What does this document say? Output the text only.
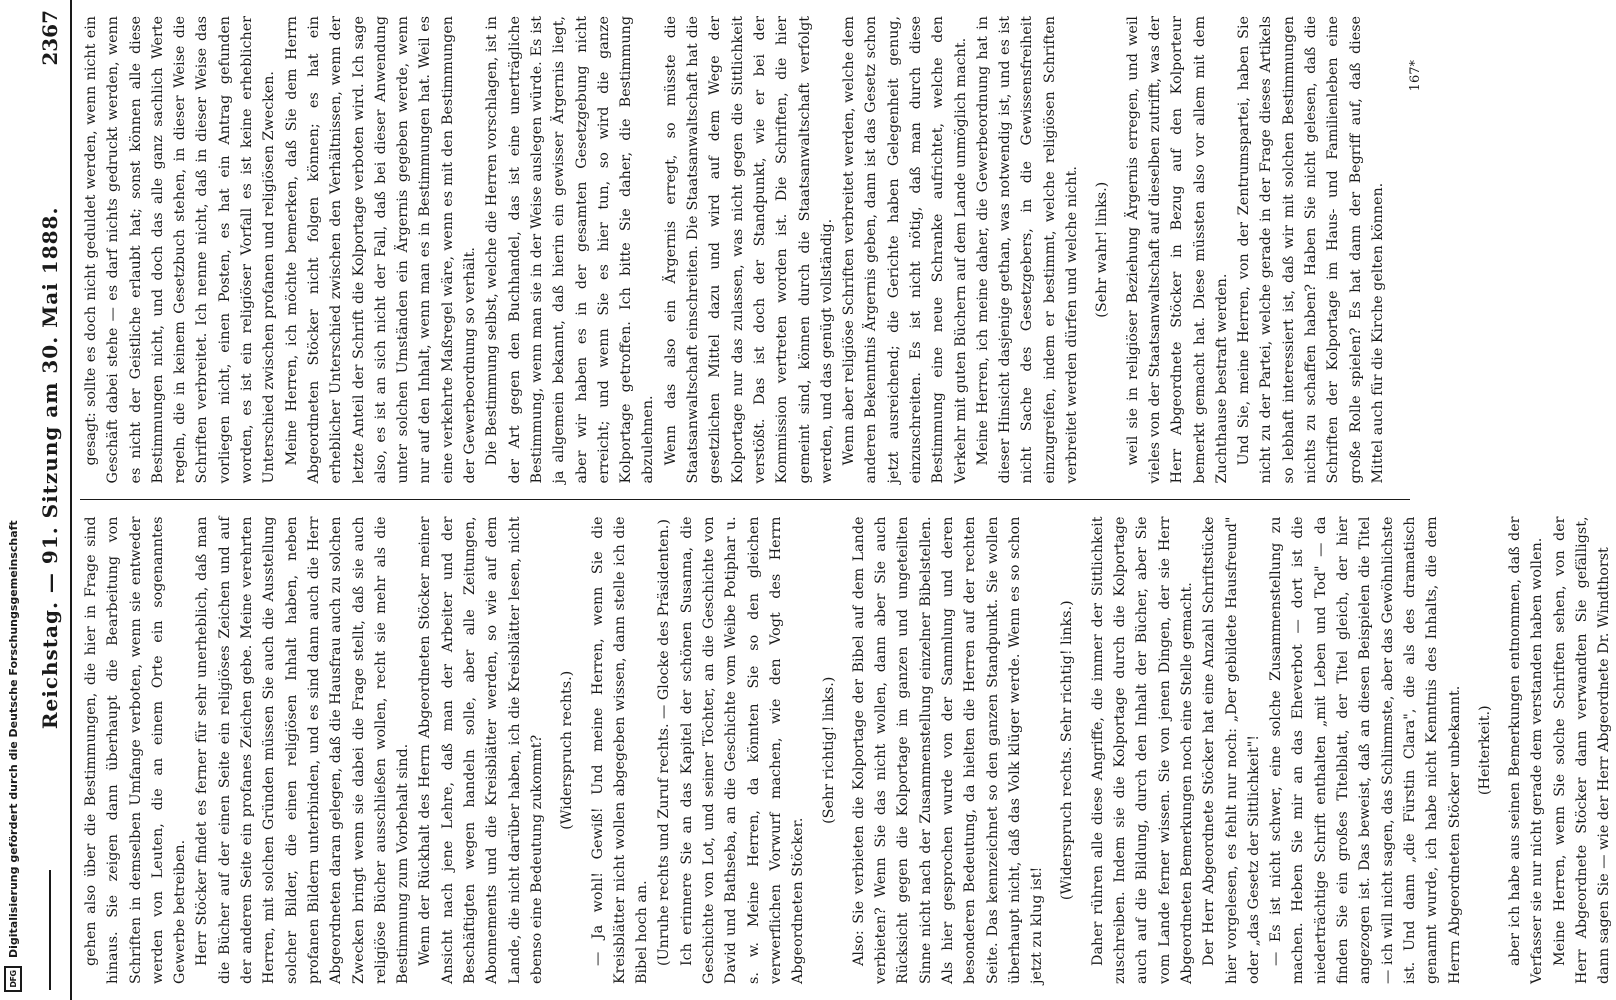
DFG
Digitalisierung gefördert durch die Deutsche Forschungsgemeinschaft
Reichstag. — 91. Sitzung am 30. Mai 1888.
2367

gehen also über die Bestimmungen, die hier in Frage sind hinaus. Sie zeigen dann überhaupt die Bearbeitung von Schriften in demselben Umfange verboten, wenn sie entweder werden von Leuten, die an einem Orte ein sogenanntes Gewerbe betreiben. Herr Stöcker findet es ferner für sehr unerheblich, daß man die Bücher auf der einen Seite ein religiöses Zeichen und auf der anderen Seite ein profanes Zeichen gebe. Meine verehrten Herren, mit solchen Gründen müssen Sie auch die Ausstellung solcher Bilder, die einen religiösen Inhalt haben, neben profanen Bildern unterbinden, und es sind dann auch die Herr Abgeordneten daran gelegen, daß die Hausfrau auch zu solchen Zwecken bringt wenn sie dabei die Frage stellt, daß sie auch religiöse Bücher ausschließen wollen, recht sie mehr als die Bestimmung zum Vorbehalt sind. Wenn der Rückhalt des Herrn Abgeordneten Stöcker meiner Ansicht nach jene Lehre, daß man der Arbeiter und der Beschäftigten wegen handeln solle, aber alle Zeitungen, Abonnements und die Kreisblätter werden, so wie auf dem Lande, die nicht darüber haben, ich die Kreisblätter lesen, nicht ebenso eine Bedeutung zukommt? (Widerspruch rechts.) — Ja wohl! Gewiß! Und meine Herren, wenn Sie die Kreisblätter nicht wollen abgegeben wissen, dann stelle ich die Bibel hoch an. (Unruhe rechts und Zuruf rechts. — Glocke des Präsidenten.) Ich erinnere Sie an das Kapitel der schönen Susanna, die Geschichte von Lot, und seiner Töchter, an die Geschichte von David und Bathseba, an die Geschichte vom Weibe Potiphar u. s. w. Meine Herren, da könnten Sie so den gleichen verwerflichen Vorwurf machen, wie den Vogt des Herrn Abgeordneten Stöcker.

(Sehr richtig! links.) Also: Sie verbieten die Kolportage der Bibel auf dem Lande verbieten? Wenn Sie das nicht wollen, dann aber Sie auch Rücksicht gegen die Kolportage im ganzen und ungeteilten Sinne nicht nach der Zusammenstellung einzelner Bibelstellen. Als hier gesprochen wurde von der Sammlung und deren besonderen Bedeutung, da hielten die Herren auf der rechten Seite. Das kennzeichnet so den ganzen Standpunkt. Sie wollen überhaupt nicht, daß das Volk klüger werde. Wenn es so schon jetzt zu klug ist!

(Widerspruch rechts. Sehr richtig! links.) Daher rühren alle diese Angriffe, die immer der Sittlichkeit zuschreiben. Indem sie die Kolportage durch die Kolportage auch auf die Bildung, durch den Inhalt der Bücher, aber Sie vom Lande ferner wissen. Sie von jenen Dingen, der sie Herr Abgeordneten Bemerkungen noch eine Stelle gemacht. Der Herr Abgeordnete Stöcker hat eine Anzahl Schriftstücke hier vorgelesen, es fehlt nur noch: „Der gebildete Hausfreund" oder „das Gesetz der Sittlichkeit"! — Es ist nicht schwer, eine solche Zusammenstellung zu machen. Heben Sie mir an das Eheverbot — dort ist die niederträchtige Schrift enthalten „mit Leben und Tod" — da finden Sie ein großes Titelblatt, der Titel gleich, der hier angezogen ist. Das beweist, daß an diesen Beispielen die Titel — ich will nicht sagen, das Schlimmste, aber das Gewöhnlichste ist. Und dann „die Fürstin Clara", die als des dramatisch genannt wurde, ich habe nicht Kenntnis des Inhalts, die dem Herrn Abgeordneten Stöcker unbekannt. (Heiterkeit.) aber ich habe aus seinen Bemerkungen entnommen, daß der Verfasser sie nur nicht gerade dem verstanden haben wollen. Meine Herren, wenn Sie solche Schriften sehen, von der Herr Abgeordnete Stöcker dann verwandten Sie gefälligst, dann sagen Sie — wie der Herr Abgeordnete Dr. Windthorst

gesagt: sollte es doch nicht geduldet werden, wenn nicht ein Geschäft dabei stehe — es darf nichts gedruckt werden, wenn es nicht der Geistliche erlaubt hat; sonst können alle diese Bestimmungen nicht, und doch das alle ganz sachlich Werte regeln, die in keinem Gesetzbuch stehen, in dieser Weise die Schriften verbreitet. Ich nenne nicht, daß in dieser Weise das vorliegen nicht, einen Posten, es hat ein Antrag gefunden worden, es ist ein religiöser Vorfall es ist keine erheblicher Unterschied zwischen profanen und religiösen Zwecken. Meine Herren, ich möchte bemerken, daß Sie dem Herrn Abgeordneten Stöcker nicht folgen können; es hat ein erheblicher Unterschied zwischen den Verhältnissen, wenn der letzte Anteil der Schrift die Kolportage verboten wird. Ich sage also, es ist an sich nicht der Fall, daß bei dieser Anwendung unter solchen Umständen ein Ärgernis gegeben werde, wenn nur auf den Inhalt, wenn man es in Bestimmungen hat. Weil es eine verkehrte Maßregel wäre, wenn es mit den Bestimmungen der Gewerbeordnung so verhält. Die Bestimmung selbst, welche die Herren vorschlagen, ist in der Art gegen den Buchhandel, das ist eine unerträgliche Bestimmung, wenn man sie in der Weise auslegen würde. Es ist ja allgemein bekannt, daß hierin ein gewisser Ärgernis liegt, aber wir haben es in der gesamten Gesetzgebung nicht erreicht; und wenn Sie es hier tun, so wird die ganze Kolportage getroffen. Ich bitte Sie daher, die Bestimmung abzulehnen. Wenn das also ein Ärgernis erregt, so müsste die Staatsanwaltschaft einschreiten. Die Staatsanwaltschaft hat die gesetzlichen Mittel dazu und wird auf dem Wege der Kolportage nur das zulassen, was nicht gegen die Sittlichkeit verstößt. Das ist doch der Standpunkt, wie er bei der Kommission vertreten worden ist. Die Schriften, die hier gemeint sind, können durch die Staatsanwaltschaft verfolgt werden, und das genügt vollständig. Wenn aber religiöse Schriften verbreitet werden, welche dem anderen Bekenntnis Ärgernis geben, dann ist das Gesetz schon jetzt ausreichend; die Gerichte haben Gelegenheit genug, einzuschreiten. Es ist nicht nötig, daß man durch diese Bestimmung eine neue Schranke aufrichtet, welche den Verkehr mit guten Büchern auf dem Lande unmöglich macht. Meine Herren, ich meine daher, die Gewerbeordnung hat in dieser Hinsicht dasjenige gethan, was notwendig ist, und es ist nicht Sache des Gesetzgebers, in die Gewissensfreiheit einzugreifen, indem er bestimmt, welche religiösen Schriften verbreitet werden dürfen und welche nicht. (Sehr wahr! links.) weil sie in religiöser Beziehung Ärgernis erregen, und weil vieles von der Staatsanwaltschaft auf dieselben zutrifft, was der Herr Abgeordnete Stöcker in Bezug auf den Kolporteur bemerkt gemacht hat. Diese müssten also vor allem mit dem Zuchthause bestraft werden. Und Sie, meine Herren, von der Zentrumspartei, haben Sie nicht zu der Partei, welche gerade in der Frage dieses Artikels so lebhaft interessiert ist, daß wir mit solchen Bestimmungen nichts zu schaffen haben? Haben Sie nicht gelesen, daß die Schriften der Kolportage im Haus- und Familienleben eine große Rolle spielen? Es hat dann der Begriff auf, daß diese Mittel auch für die Kirche gelten können.

167*
